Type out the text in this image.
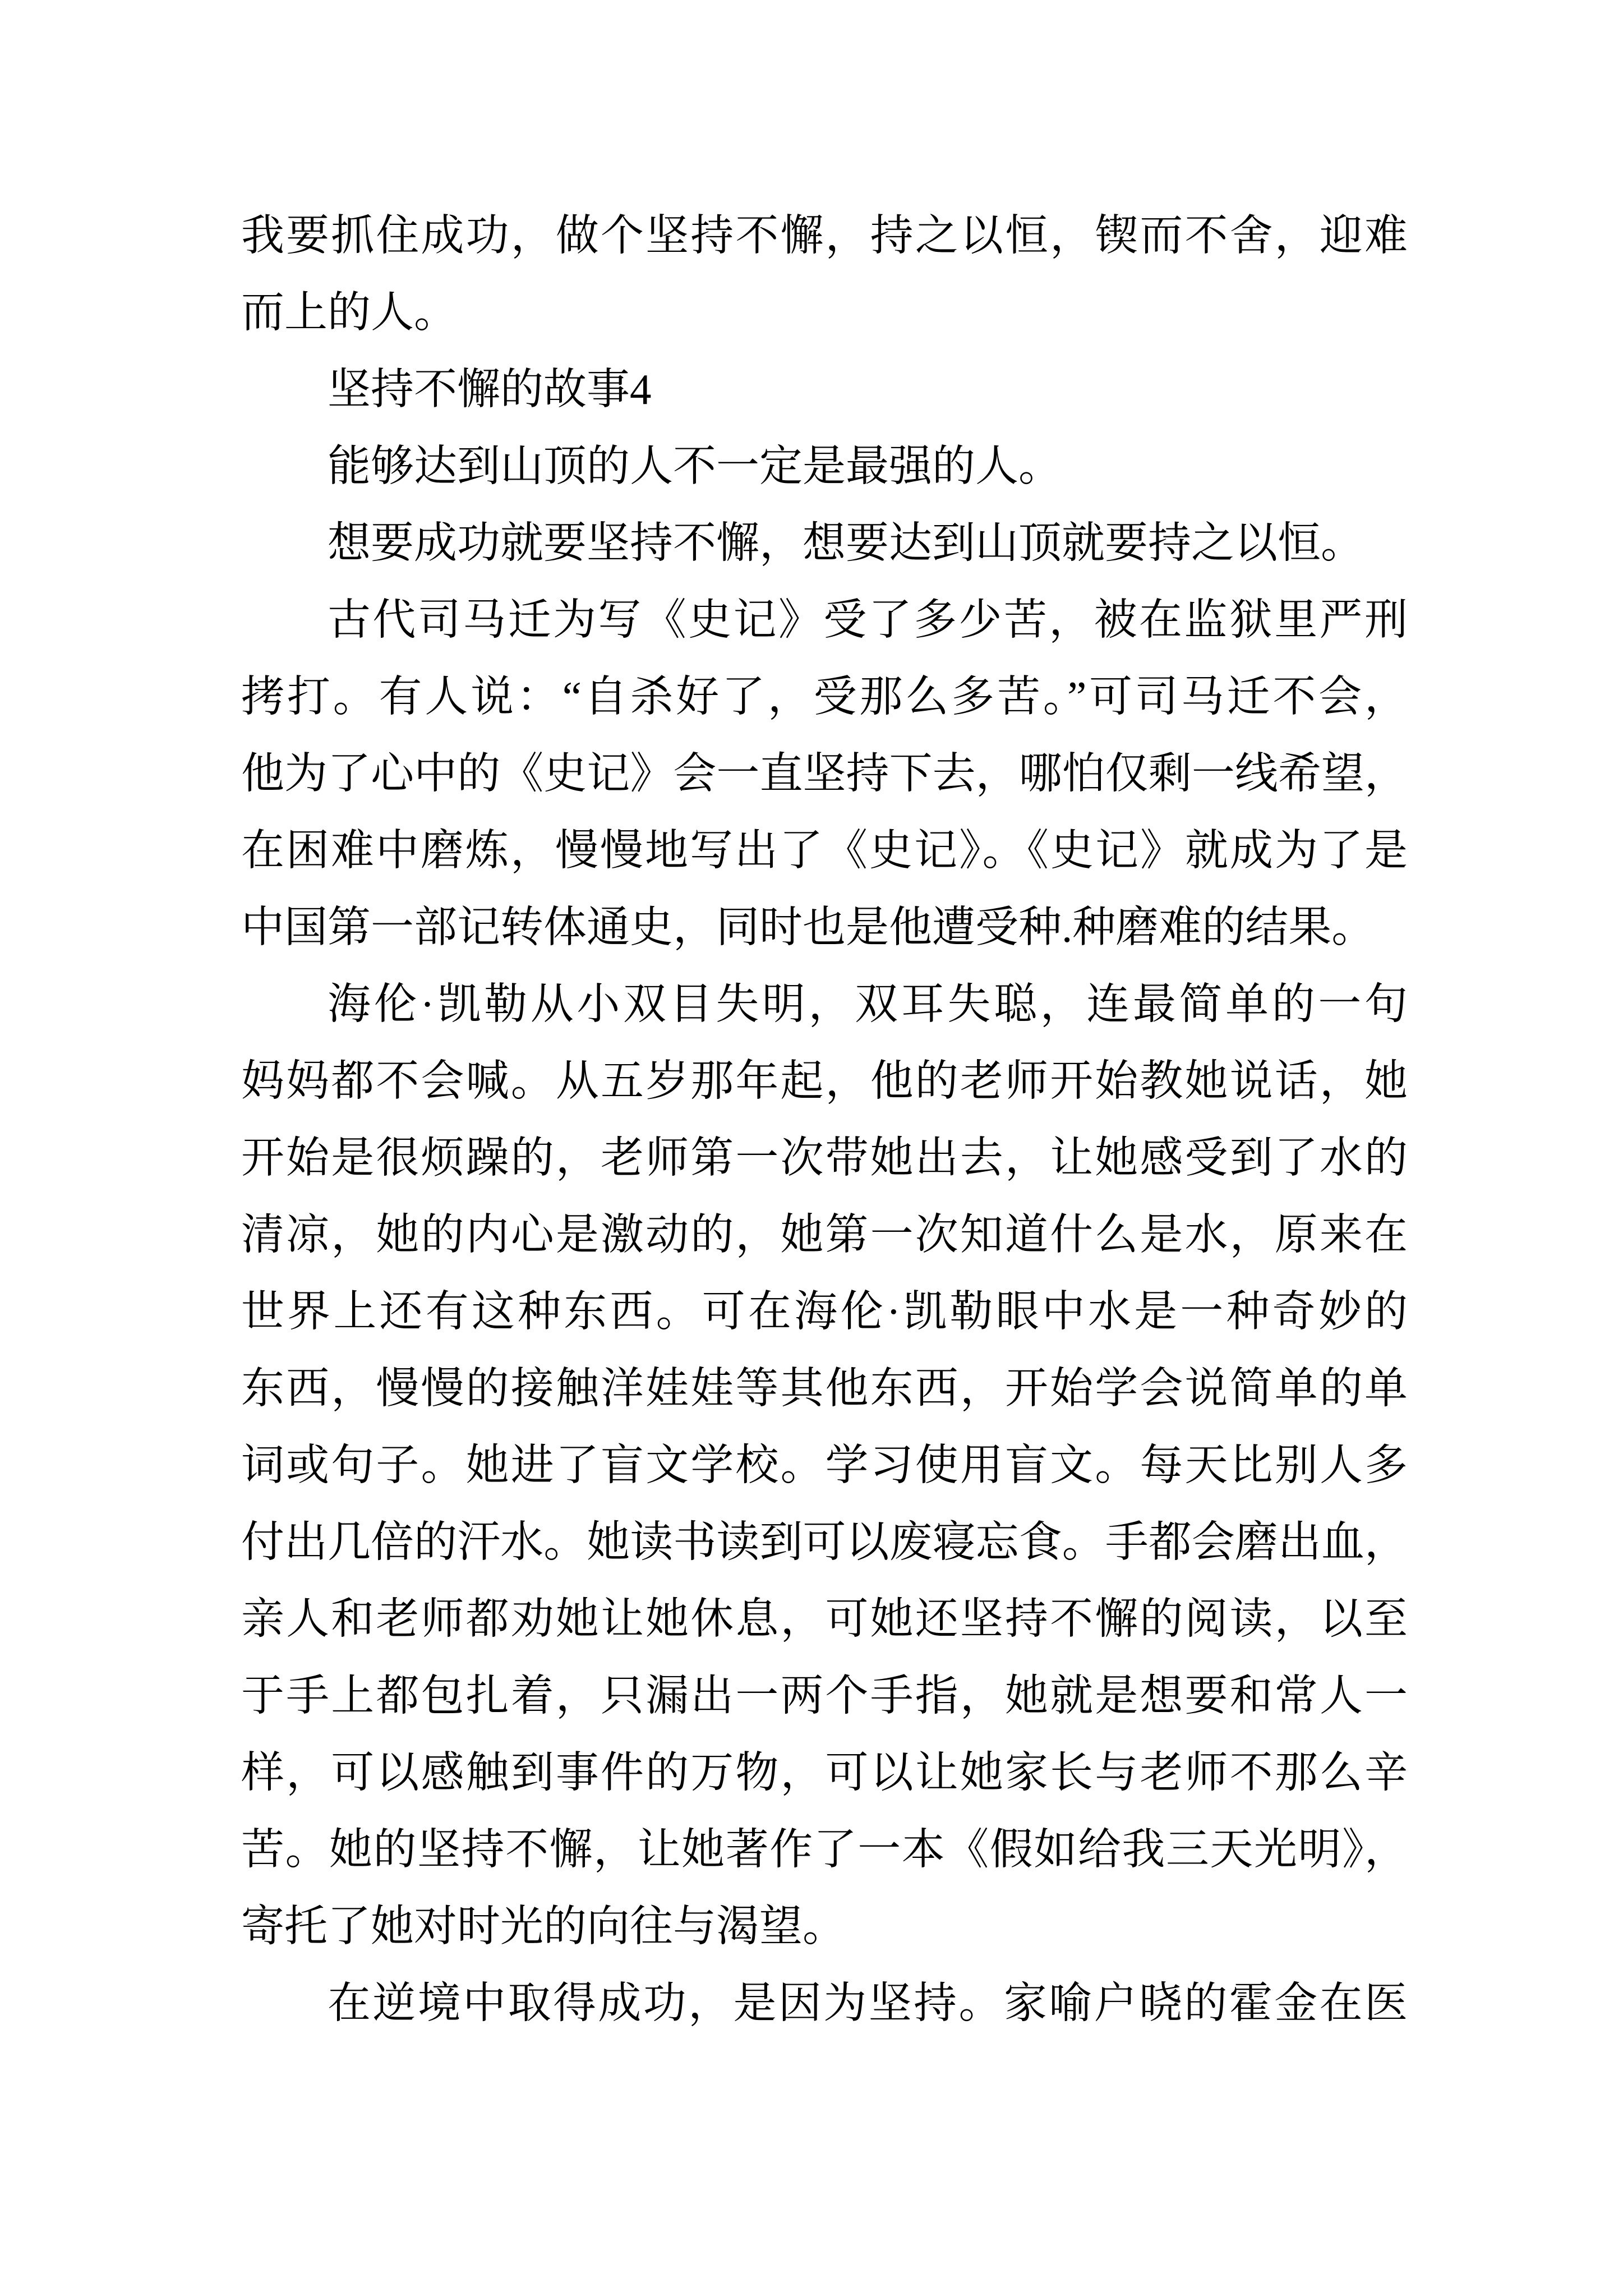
我要抓住成功，做个坚持不懈，持之以恒，锲而不舍，迎难
而上的人。
坚持不懈的故事4
能够达到山顶的人不一定是最强的人。
想要成功就要坚持不懈，想要达到山顶就要持之以恒。
古代司马迁为写《史记》受了多少苦，被在监狱里严刑
拷打。有人说：“自杀好了，受那么多苦。”可司马迁不会，
他为了心中的《史记》会一直坚持下去，哪怕仅剩一线希望，
在困难中磨炼，慢慢地写出了《史记》。《史记》就成为了是
中国第一部记转体通史，同时也是他遭受种.种磨难的结果。
海伦·凯勒从小双目失明，双耳失聪，连最简单的一句
妈妈都不会喊。从五岁那年起，他的老师开始教她说话，她
开始是很烦躁的，老师第一次带她出去，让她感受到了水的
清凉，她的内心是激动的，她第一次知道什么是水，原来在
世界上还有这种东西。可在海伦·凯勒眼中水是一种奇妙的
东西，慢慢的接触洋娃娃等其他东西，开始学会说简单的单
词或句子。她进了盲文学校。学习使用盲文。每天比别人多
付出几倍的汗水。她读书读到可以废寝忘食。手都会磨出血，
亲人和老师都劝她让她休息，可她还坚持不懈的阅读，以至
于手上都包扎着，只漏出一两个手指，她就是想要和常人一
样，可以感触到事件的万物，可以让她家长与老师不那么辛
苦。她的坚持不懈，让她著作了一本《假如给我三天光明》，
寄托了她对时光的向往与渴望。
在逆境中取得成功，是因为坚持。家喻户晓的霍金在医
